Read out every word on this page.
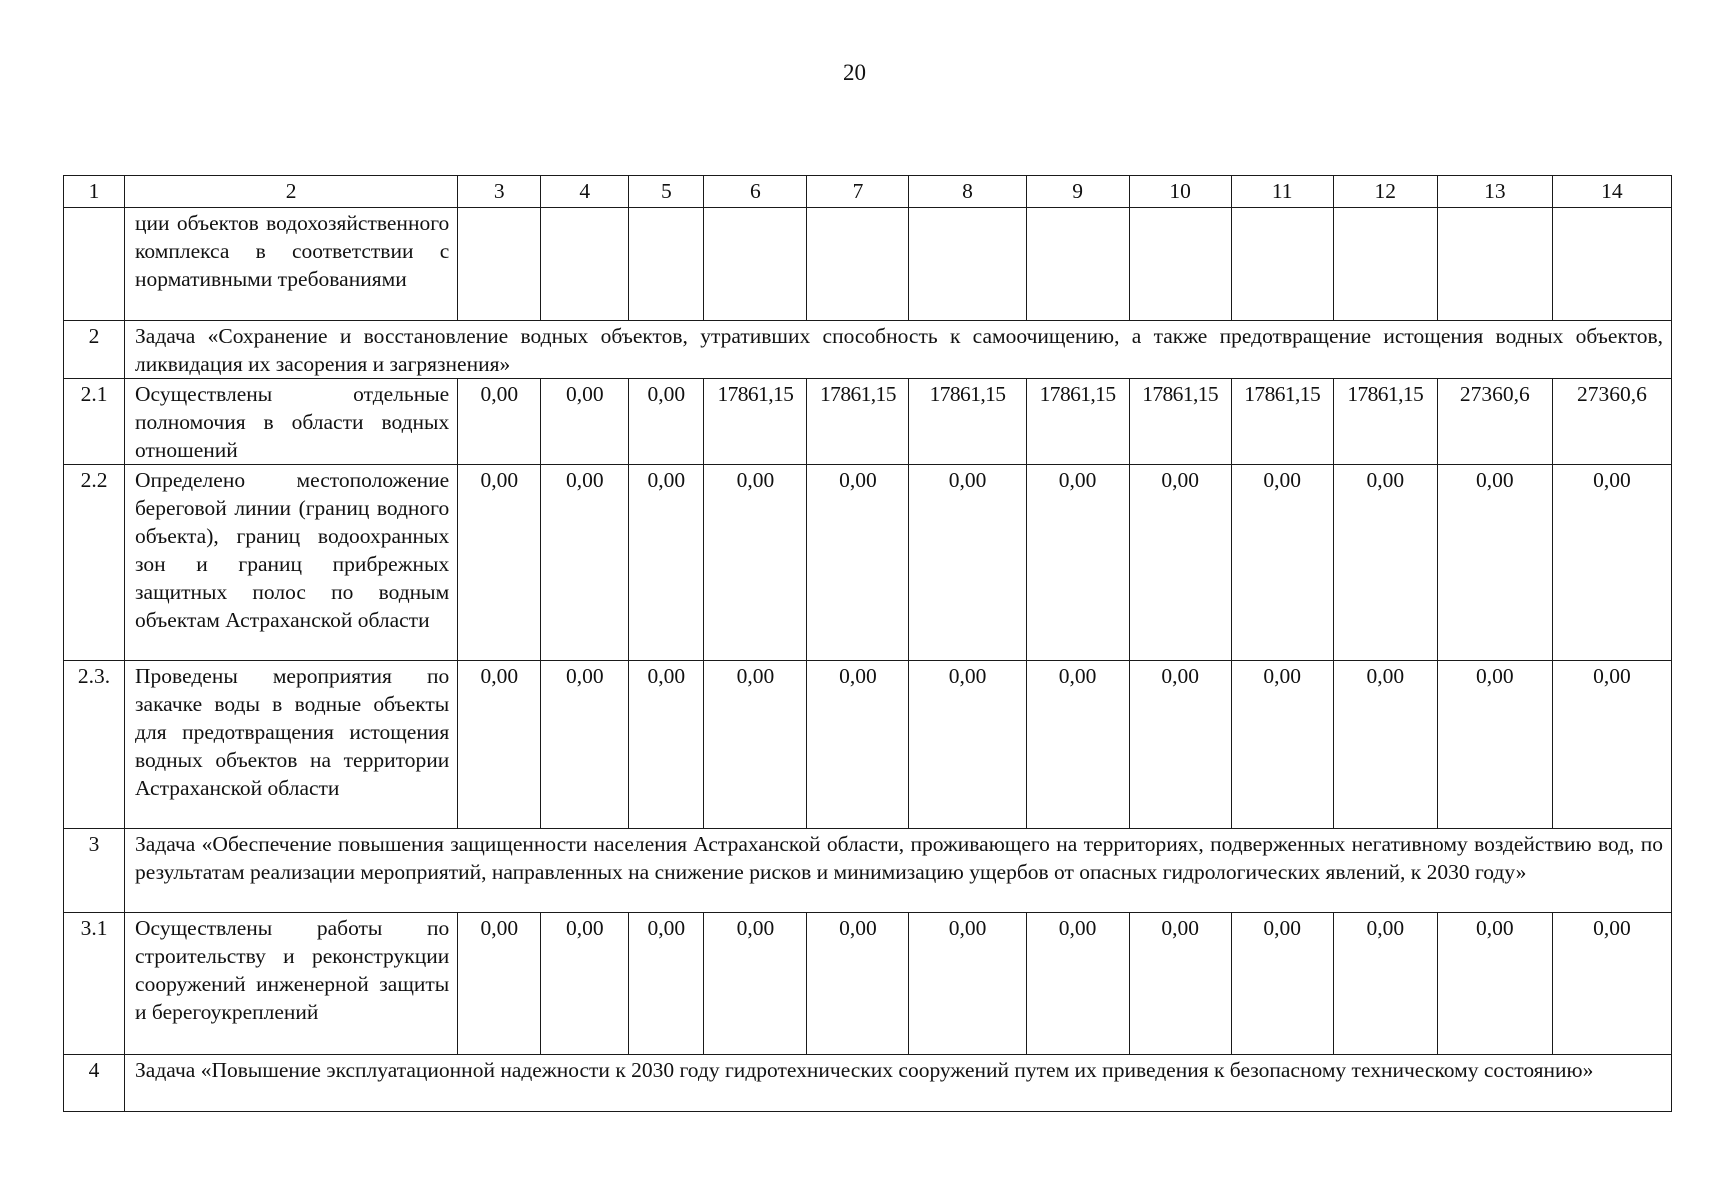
20
1	2	3	4	5	6	7	8	9	10	11	12	13	14
	ции объектов водохозяйственного комплекса в соответствии с нормативными требованиями												
2	Задача «Сохранение и восстановление водных объектов, утративших способность к самоочищению, а также предотвращение истощения водных объектов, ликвидация их засорения и загрязнения»												
2.1	Осуществлены отдельные полномочия в области водных отношений	0,00	0,00	0,00	17861,15	17861,15	17861,15	17861,15	17861,15	17861,15	17861,15	27360,6	27360,6
2.2	Определено местоположение береговой линии (границ водного объекта), границ водоохранных зон и границ прибрежных защитных полос по водным объектам Астраханской области	0,00	0,00	0,00	0,00	0,00	0,00	0,00	0,00	0,00	0,00	0,00	0,00
2.3.	Проведены мероприятия по закачке воды в водные объекты для предотвращения истощения водных объектов на территории Астраханской области	0,00	0,00	0,00	0,00	0,00	0,00	0,00	0,00	0,00	0,00	0,00	0,00
3	Задача «Обеспечение повышения защищенности населения Астраханской области, проживающего на территориях, подверженных негативному воздействию вод, по результатам реализации мероприятий, направленных на снижение рисков и минимизацию ущербов от опасных гидрологических явлений, к 2030 году»												
3.1	Осуществлены работы по строительству и реконструкции сооружений инженерной защиты и берегоукреплений	0,00	0,00	0,00	0,00	0,00	0,00	0,00	0,00	0,00	0,00	0,00	0,00
4	Задача «Повышение эксплуатационной надежности к 2030 году гидротехнических сооружений путем их приведения к безопасному техническому состоянию»												
